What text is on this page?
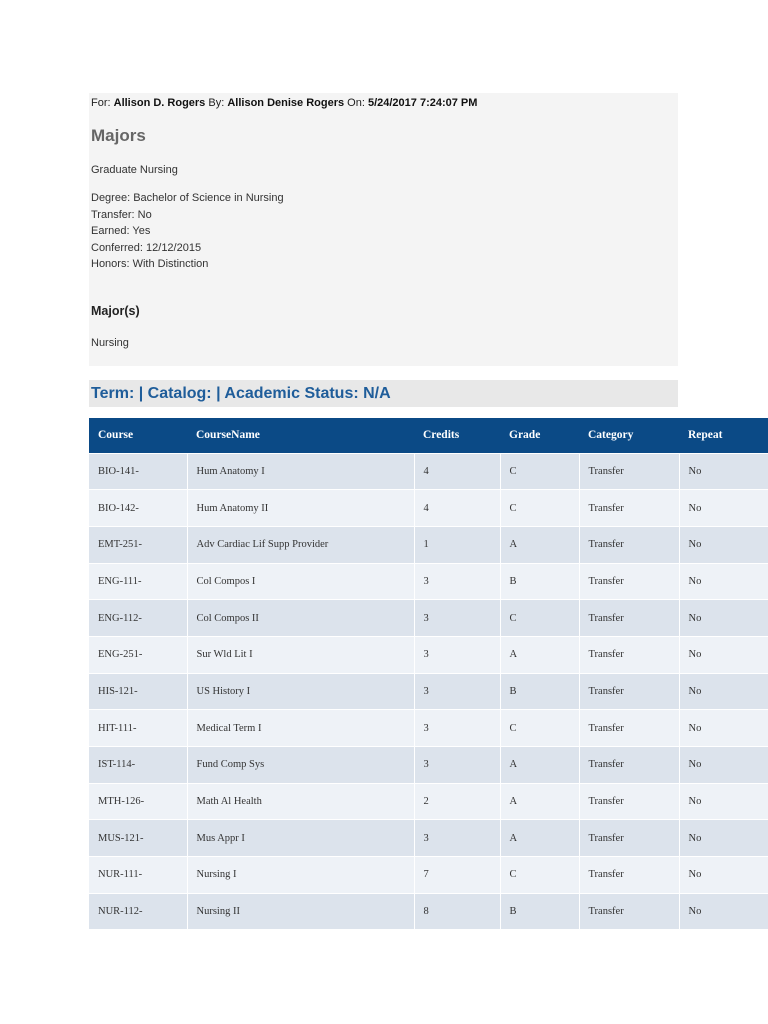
For: Allison D. Rogers By: Allison Denise Rogers On: 5/24/2017 7:24:07 PM
Majors
Graduate Nursing
Degree: Bachelor of Science in Nursing
Transfer: No
Earned: Yes
Conferred: 12/12/2015
Honors: With Distinction
Major(s)
Nursing
Term: | Catalog: | Academic Status: N/A
Course	CourseName	Credits	Grade	Category	Repeat
BIO-141-	Hum Anatomy I	4	C	Transfer	No
BIO-142-	Hum Anatomy II	4	C	Transfer	No
EMT-251-	Adv Cardiac Lif Supp Provider	1	A	Transfer	No
ENG-111-	Col Compos I	3	B	Transfer	No
ENG-112-	Col Compos II	3	C	Transfer	No
ENG-251-	Sur Wld Lit I	3	A	Transfer	No
HIS-121-	US History I	3	B	Transfer	No
HIT-111-	Medical Term I	3	C	Transfer	No
IST-114-	Fund Comp Sys	3	A	Transfer	No
MTH-126-	Math Al Health	2	A	Transfer	No
MUS-121-	Mus Appr I	3	A	Transfer	No
NUR-111-	Nursing I	7	C	Transfer	No
NUR-112-	Nursing II	8	B	Transfer	No
